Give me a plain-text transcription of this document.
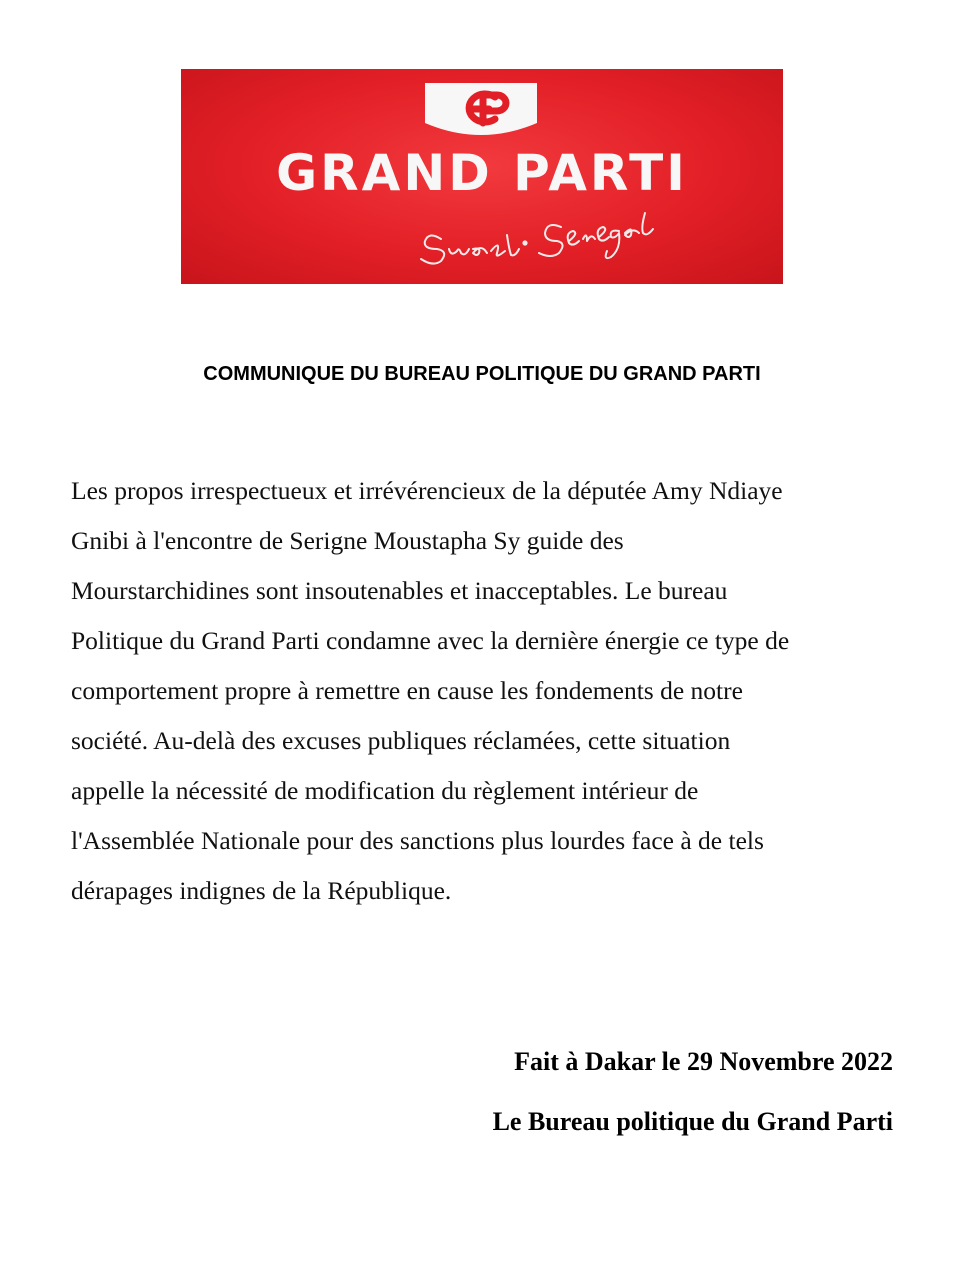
GRAND PARTI
COMMUNIQUE DU BUREAU POLITIQUE DU GRAND PARTI
Les propos irrespectueux et irrévérencieux de la députée Amy Ndiaye
Gnibi à l'encontre de Serigne Moustapha Sy guide des
Mourstarchidines sont insoutenables et inacceptables. Le bureau
Politique du Grand Parti condamne avec la dernière énergie ce type de
comportement propre à remettre en cause les fondements de notre
société. Au-delà des excuses publiques réclamées, cette situation
appelle la nécessité de modification du règlement intérieur de
l'Assemblée Nationale pour des sanctions plus lourdes face à de tels
dérapages indignes de la République.
Fait à Dakar le 29 Novembre 2022
Le Bureau politique du Grand Parti
